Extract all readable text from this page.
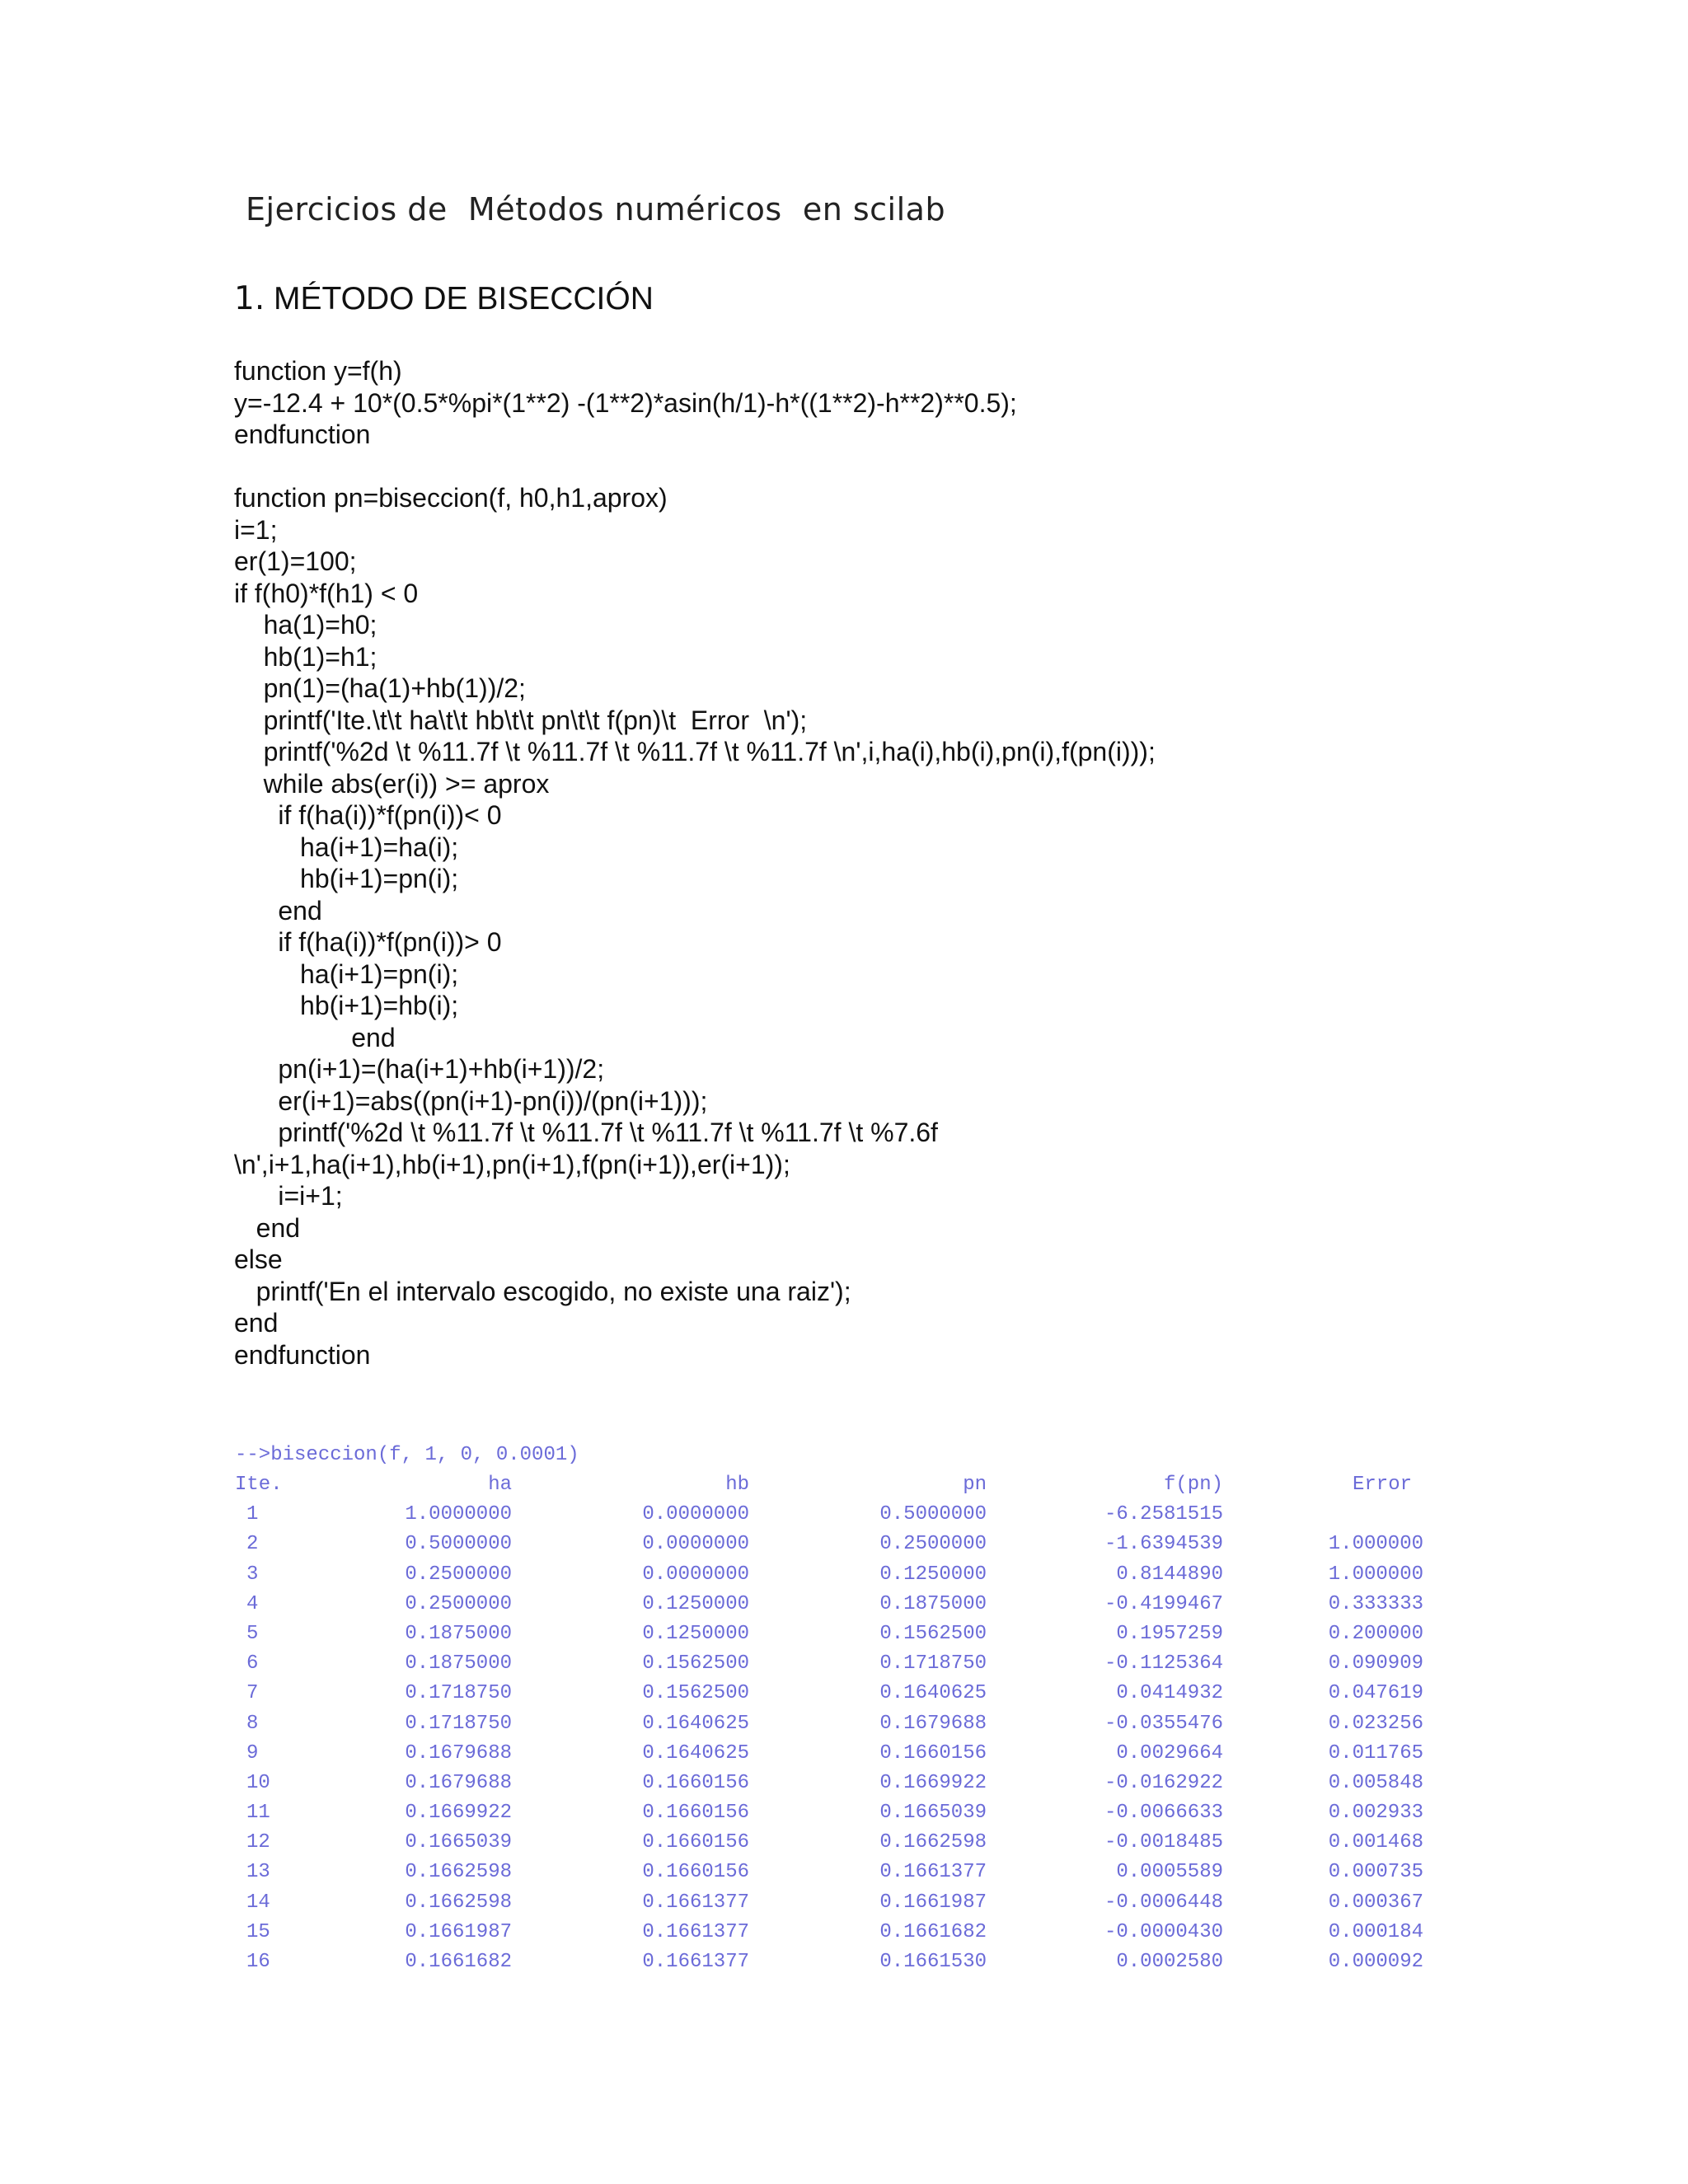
Ejercicios de  Métodos numéricos  en scilab
1. MÉTODO DE BISECCIÓN
function y=f(h)
y=-12.4 + 10*(0.5*%pi*(1**2) -(1**2)*asin(h/1)-h*((1**2)-h**2)**0.5);
endfunction
function pn=biseccion(f, h0,h1,aprox)
i=1;
er(1)=100;
if f(h0)*f(h1) < 0
ha(1)=h0;
hb(1)=h1;
pn(1)=(ha(1)+hb(1))/2;
printf('Ite.\t\t ha\t\t hb\t\t pn\t\t f(pn)\t  Error  \n');
printf('%2d \t %11.7f \t %11.7f \t %11.7f \t %11.7f \n',i,ha(i),hb(i),pn(i),f(pn(i)));
while abs(er(i)) >= aprox
if f(ha(i))*f(pn(i))< 0
ha(i+1)=ha(i);
hb(i+1)=pn(i);
end
if f(ha(i))*f(pn(i))> 0
ha(i+1)=pn(i);
hb(i+1)=hb(i);
end
pn(i+1)=(ha(i+1)+hb(i+1))/2;
er(i+1)=abs((pn(i+1)-pn(i))/(pn(i+1)));
printf('%2d \t %11.7f \t %11.7f \t %11.7f \t %11.7f \t %7.6f
\n',i+1,ha(i+1),hb(i+1),pn(i+1),f(pn(i+1)),er(i+1));
i=i+1;
end
else
printf('En el intervalo escogido, no existe una raiz');
end
endfunction
-->biseccion(f, 1, 0, 0.0001)
Ite.	ha	hb	pn	f(pn)	Error
1	1.0000000	0.0000000	0.5000000	-6.2581515
2	0.5000000	0.0000000	0.2500000	-1.6394539	1.000000
3	0.2500000	0.0000000	0.1250000	0.8144890	1.000000
4	0.2500000	0.1250000	0.1875000	-0.4199467	0.333333
5	0.1875000	0.1250000	0.1562500	0.1957259	0.200000
6	0.1875000	0.1562500	0.1718750	-0.1125364	0.090909
7	0.1718750	0.1562500	0.1640625	0.0414932	0.047619
8	0.1718750	0.1640625	0.1679688	-0.0355476	0.023256
9	0.1679688	0.1640625	0.1660156	0.0029664	0.011765
10	0.1679688	0.1660156	0.1669922	-0.0162922	0.005848
11	0.1669922	0.1660156	0.1665039	-0.0066633	0.002933
12	0.1665039	0.1660156	0.1662598	-0.0018485	0.001468
13	0.1662598	0.1660156	0.1661377	0.0005589	0.000735
14	0.1662598	0.1661377	0.1661987	-0.0006448	0.000367
15	0.1661987	0.1661377	0.1661682	-0.0000430	0.000184
16	0.1661682	0.1661377	0.1661530	0.0002580	0.000092
